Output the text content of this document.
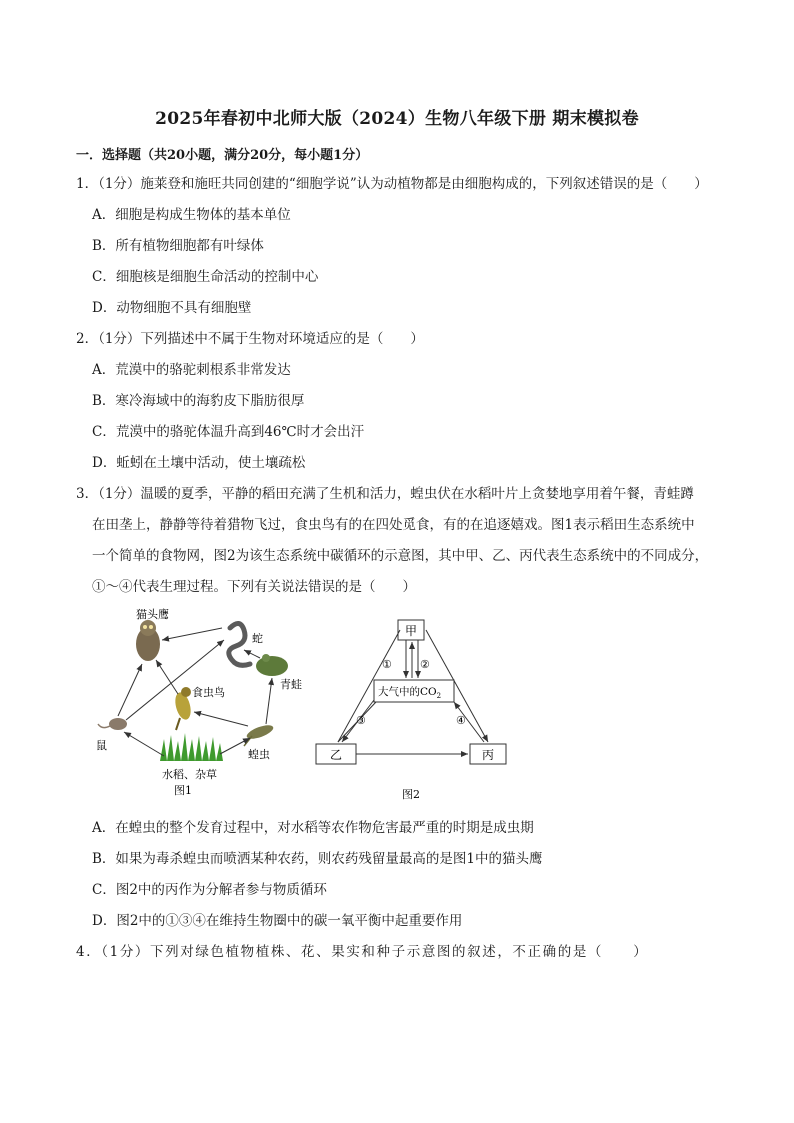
2025年春初中北师大版（2024）生物八年级下册 期末模拟卷
一．选择题（共20小题，满分20分，每小题1分）
1．（1分）施莱登和施旺共同创建的“细胞学说”认为动植物都是由细胞构成的，下列叙述错误的是（　　）
A．细胞是构成生物体的基本单位
B．所有植物细胞都有叶绿体
C．细胞核是细胞生命活动的控制中心
D．动物细胞不具有细胞壁
2．（1分）下列描述中不属于生物对环境适应的是（　　）
A．荒漠中的骆驼刺根系非常发达
B．寒冷海域中的海豹皮下脂肪很厚
C．荒漠中的骆驼体温升高到46℃时才会出汗
D．蚯蚓在土壤中活动，使土壤疏松
3．（1分）温暖的夏季，平静的稻田充满了生机和活力，蝗虫伏在水稻叶片上贪婪地享用着午餐，青蛙蹲
在田垄上，静静等待着猎物飞过，食虫鸟有的在四处觅食，有的在追逐嬉戏。图1表示稻田生态系统中
一个简单的食物网，图2为该生态系统中碳循环的示意图，其中甲、乙、丙代表生态系统中的不同成分，
①～④代表生理过程。下列有关说法错误的是（　　）
猫头鹰
蛇
青蛙
食虫鸟
鼠
蝗虫
水稻、杂草
图1
甲
大气中的$CO_2$
乙	丙
①	②
③	④
图2
A．在蝗虫的整个发育过程中，对水稻等农作物危害最严重的时期是成虫期
B．如果为毒杀蝗虫而喷洒某种农药，则农药残留量最高的是图1中的猫头鹰
C．图2中的丙作为分解者参与物质循环
D．图2中的①③④在维持生物圈中的碳一氧平衡中起重要作用
4．（1分）下列对绿色植物植株、花、果实和种子示意图的叙述，不正确的是（　　）
